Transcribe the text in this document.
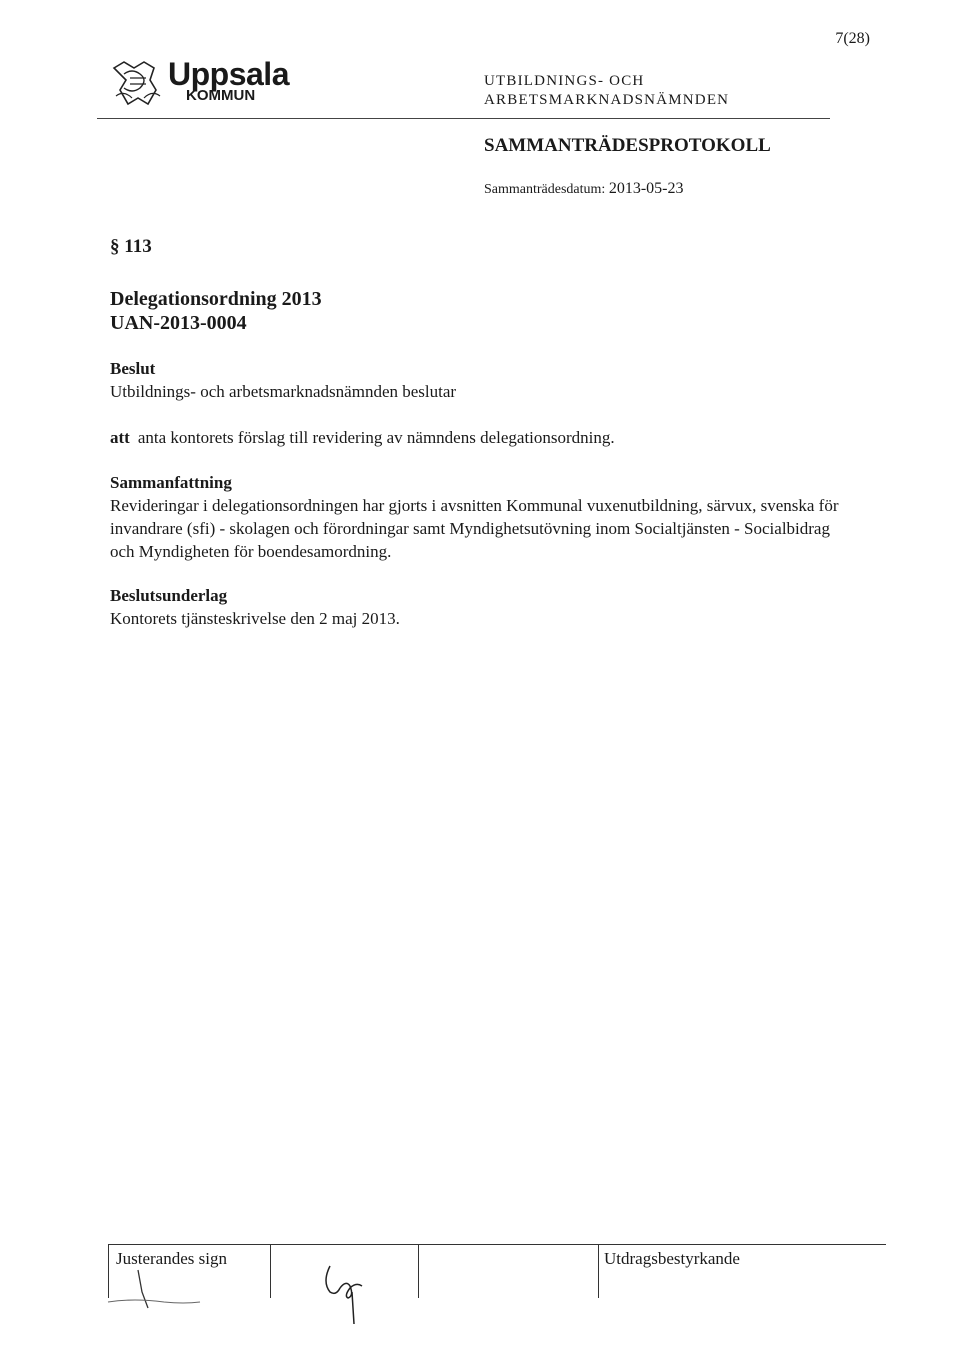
7(28)
Uppsala
KOMMUN
UTBILDNINGS- OCH
ARBETSMARKNADSNÄMNDEN
SAMMANTRÄDESPROTOKOLL
Sammanträdesdatum: 2013-05-23
§ 113
Delegationsordning 2013
UAN-2013-0004
Beslut
Utbildnings- och arbetsmarknadsnämnden beslutar
att anta kontorets förslag till revidering av nämndens delegationsordning.
Sammanfattning
Revideringar i delegationsordningen har gjorts i avsnitten Kommunal vuxenutbildning, särvux, svenska för invandrare (sfi) - skolagen och förordningar samt Myndighetsutövning inom Socialtjänsten - Socialbidrag och Myndigheten för boendesamordning.
Beslutsunderlag
Kontorets tjänsteskrivelse den 2 maj 2013.
Justerandes sign	Utdragsbestyrkande
